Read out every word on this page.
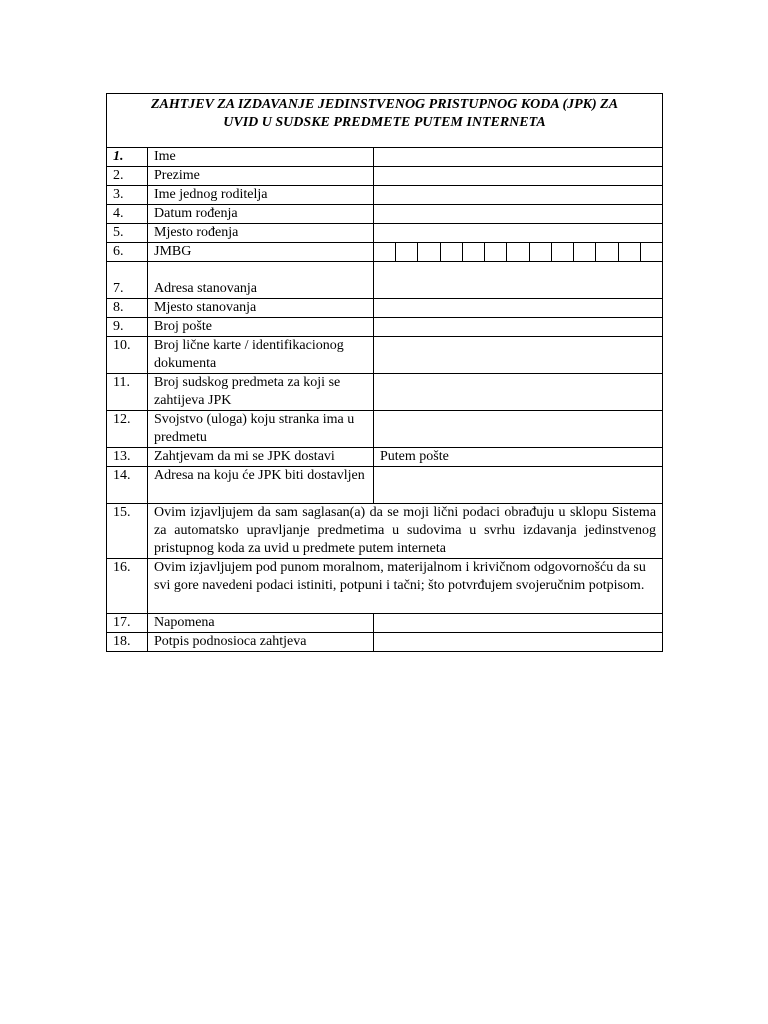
ZAHTJEV ZA IZDAVANJE JEDINSTVENOG PRISTUPNOG KODA (JPK) ZA
UVID U SUDSKE PREDMETE PUTEM INTERNETA		

1.	Ime	
2.	Prezime	
3.	Ime jednog roditelja	
4.	Datum rođenja	
5.	Mjesto rođenja	
6.	JMBG	

7.	Adresa stanovanja	
8.	Mjesto stanovanja	
9.	Broj pošte	
10.	Broj lične karte / identifikacionog dokumenta	
11.	Broj sudskog predmeta za koji se zahtijeva JPK	
12.	Svojstvo (uloga) koju stranka ima u predmetu	
13.	Zahtjevam da mi se JPK dostavi	Putem pošte
14.	Adresa na koju će JPK biti dostavljen	
15.	Ovim izjavljujem da sam saglasan(a) da se moji lični podaci obrađuju u sklopu Sistema za automatsko upravljanje predmetima u sudovima u svrhu izdavanja jedinstvenog pristupnog koda za uvid u predmete putem interneta	
16.	Ovim izjavljujem pod punom moralnom, materijalnom i krivičnom odgovornošću da su svi gore navedeni podaci istiniti, potpuni i tačni; što potvrđujem svojeručnim potpisom.	
17.	Napomena	
18.	Potpis podnosioca zahtjeva	
